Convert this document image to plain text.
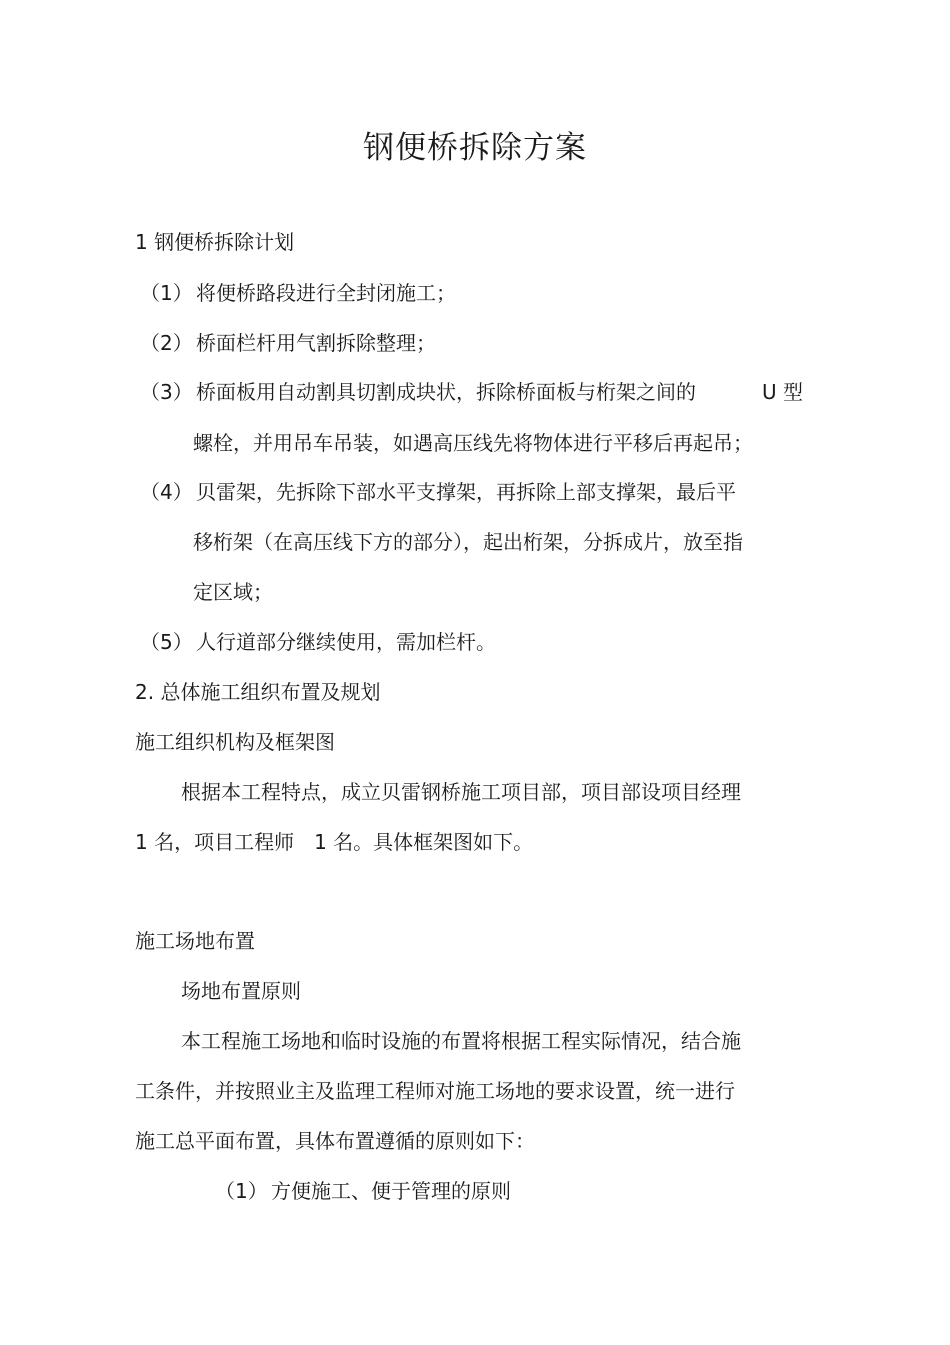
钢便桥拆除方案

1 钢便桥拆除计划

（1） 将便桥路段进行全封闭施工；

（2） 桥面栏杆用气割拆除整理；

（3） 桥面板用自动割具切割成块状，拆除桥面板与桁架之间的	U 型

螺栓，并用吊车吊装，如遇高压线先将物体进行平移后再起吊；

（4） 贝雷架，先拆除下部水平支撑架，再拆除上部支撑架，最后平

移桁架（在高压线下方的部分），起出桁架，分拆成片，放至指

定区域；

（5） 人行道部分继续使用，需加栏杆。

2. 总体施工组织布置及规划

施工组织机构及框架图

根据本工程特点，成立贝雷钢桥施工项目部，项目部设项目经理

1 名，项目工程师　1 名。具体框架图如下。

施工场地布置

场地布置原则

本工程施工场地和临时设施的布置将根据工程实际情况，结合施

工条件，并按照业主及监理工程师对施工场地的要求设置，统一进行

施工总平面布置，具体布置遵循的原则如下：

（1） 方便施工、便于管理的原则
